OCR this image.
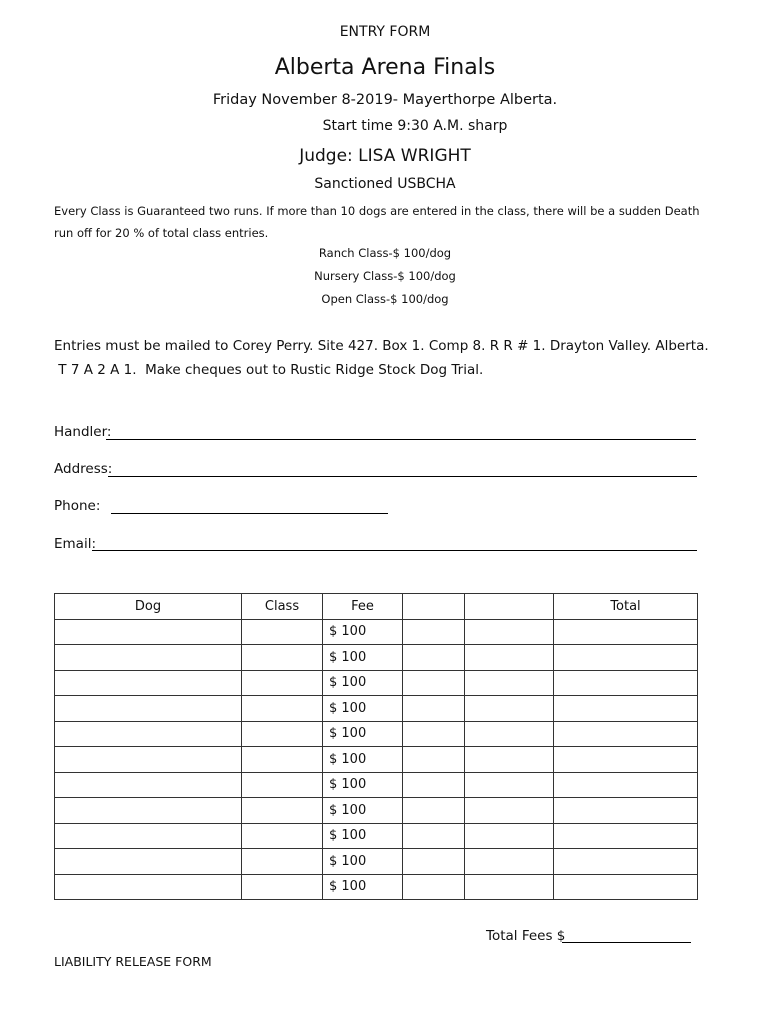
ENTRY FORM
Alberta Arena Finals
Friday November 8-2019- Mayerthorpe Alberta.
Start time 9:30 A.M. sharp
Judge: LISA WRIGHT
Sanctioned USBCHA
Every Class is Guaranteed two runs. If more than 10 dogs are entered in the class, there will be a sudden Death run off for 20 % of total class entries.
Ranch Class-$ 100/dog
Nursery Class-$ 100/dog
Open Class-$ 100/dog
Entries must be mailed to Corey Perry. Site 427. Box 1. Comp 8. R R # 1. Drayton Valley. Alberta.
T 7 A 2 A 1.  Make cheques out to Rustic Ridge Stock Dog Trial.
Handler:
Address:
Phone:
Email:
Dog	Class	Fee			Total
		$ 100			
		$ 100			
		$ 100			
		$ 100			
		$ 100			
		$ 100			
		$ 100			
		$ 100			
		$ 100			
		$ 100			
		$ 100			
Total Fees $
LIABILITY RELEASE FORM
